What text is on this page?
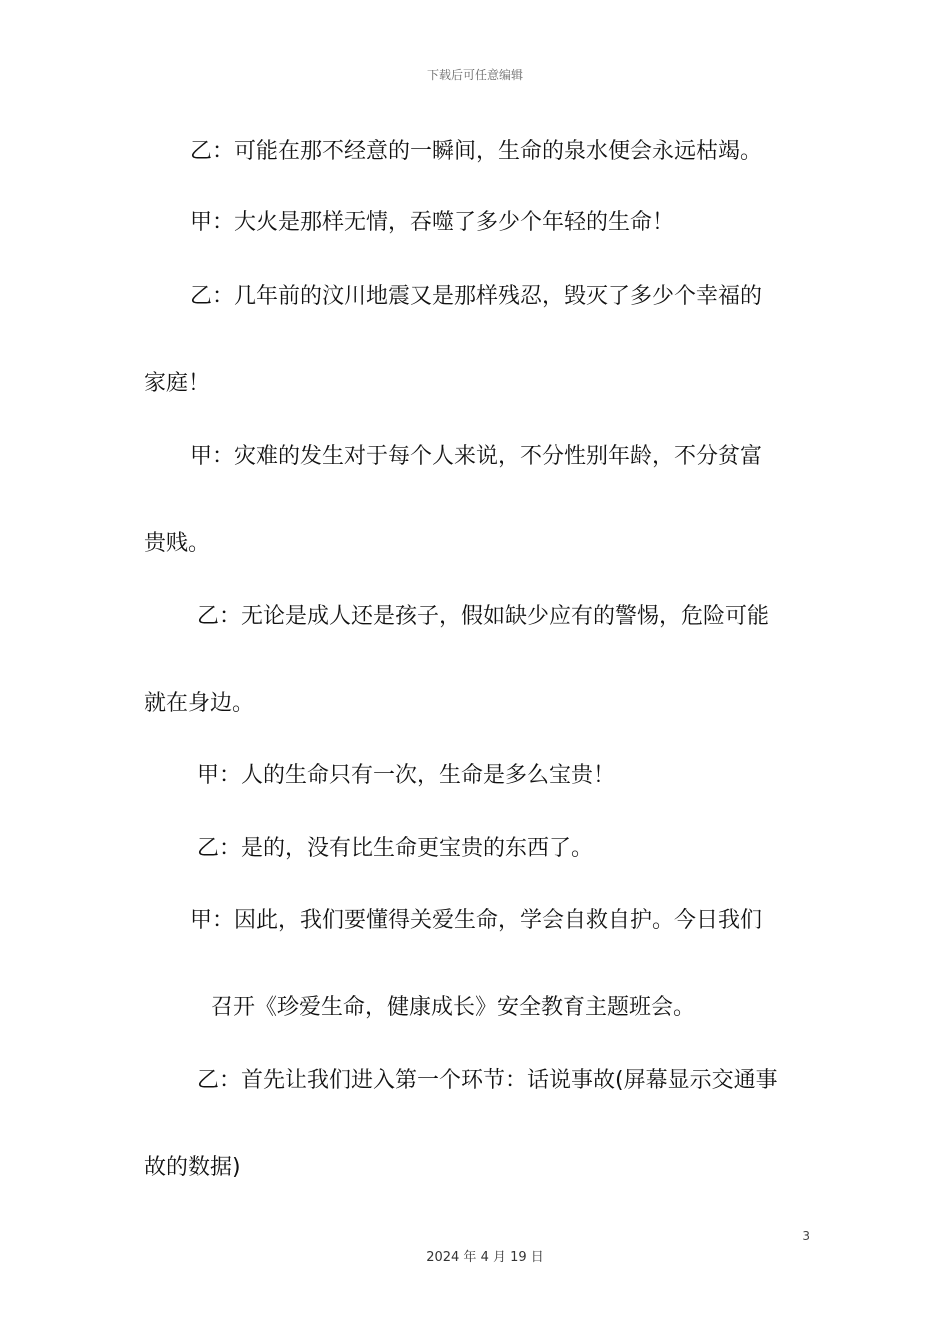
下载后可任意编辑
乙：可能在那不经意的一瞬间，生命的泉水便会永远枯竭。
甲：大火是那样无情，吞噬了多少个年轻的生命！
乙：几年前的汶川地震又是那样残忍，毁灭了多少个幸福的
家庭！
甲：灾难的发生对于每个人来说，不分性别年龄，不分贫富
贵贱。
乙：无论是成人还是孩子，假如缺少应有的警惕，危险可能
就在身边。
甲：人的生命只有一次，生命是多么宝贵！
乙：是的，没有比生命更宝贵的东西了。
甲：因此，我们要懂得关爱生命，学会自救自护。今日我们
召开《珍爱生命，健康成长》安全教育主题班会。
乙：首先让我们进入第一个环节：话说事故(屏幕显示交通事
故的数据)
3
2024 年 4 月 19 日
